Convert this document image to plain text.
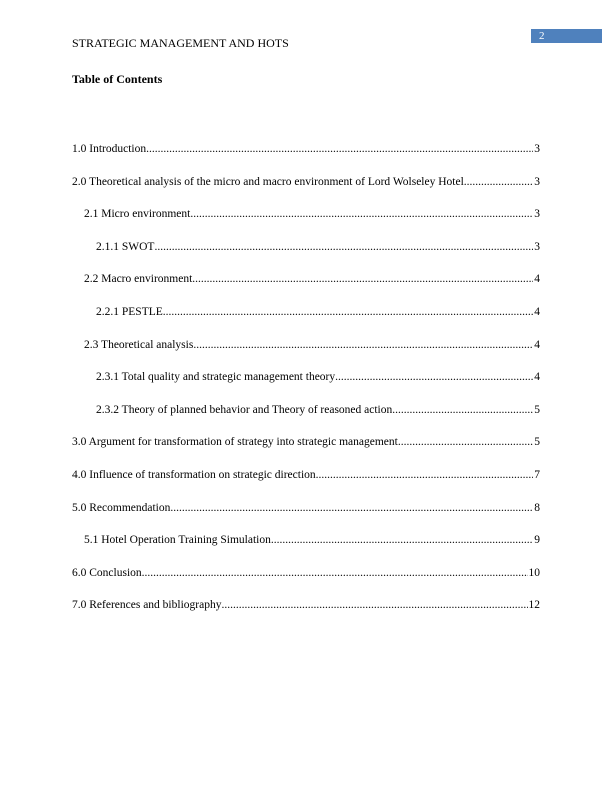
STRATEGIC MANAGEMENT AND HOTS	2
Table of Contents
1.0 Introduction .....	3
2.0 Theoretical analysis of the micro and macro environment of Lord Wolseley Hotel .....	3
2.1 Micro environment .....	3
2.1.1 SWOT .....	3
2.2 Macro environment .....	4
2.2.1 PESTLE .....	4
2.3 Theoretical analysis .....	4
2.3.1 Total quality and strategic management theory .....	4
2.3.2 Theory of planned behavior and Theory of reasoned action .....	5
3.0 Argument for transformation of strategy into strategic management .....	5
4.0 Influence of transformation on strategic direction .....	7
5.0 Recommendation .....	8
5.1 Hotel Operation Training Simulation .....	9
6.0 Conclusion .....	10
7.0 References and bibliography .....	12
